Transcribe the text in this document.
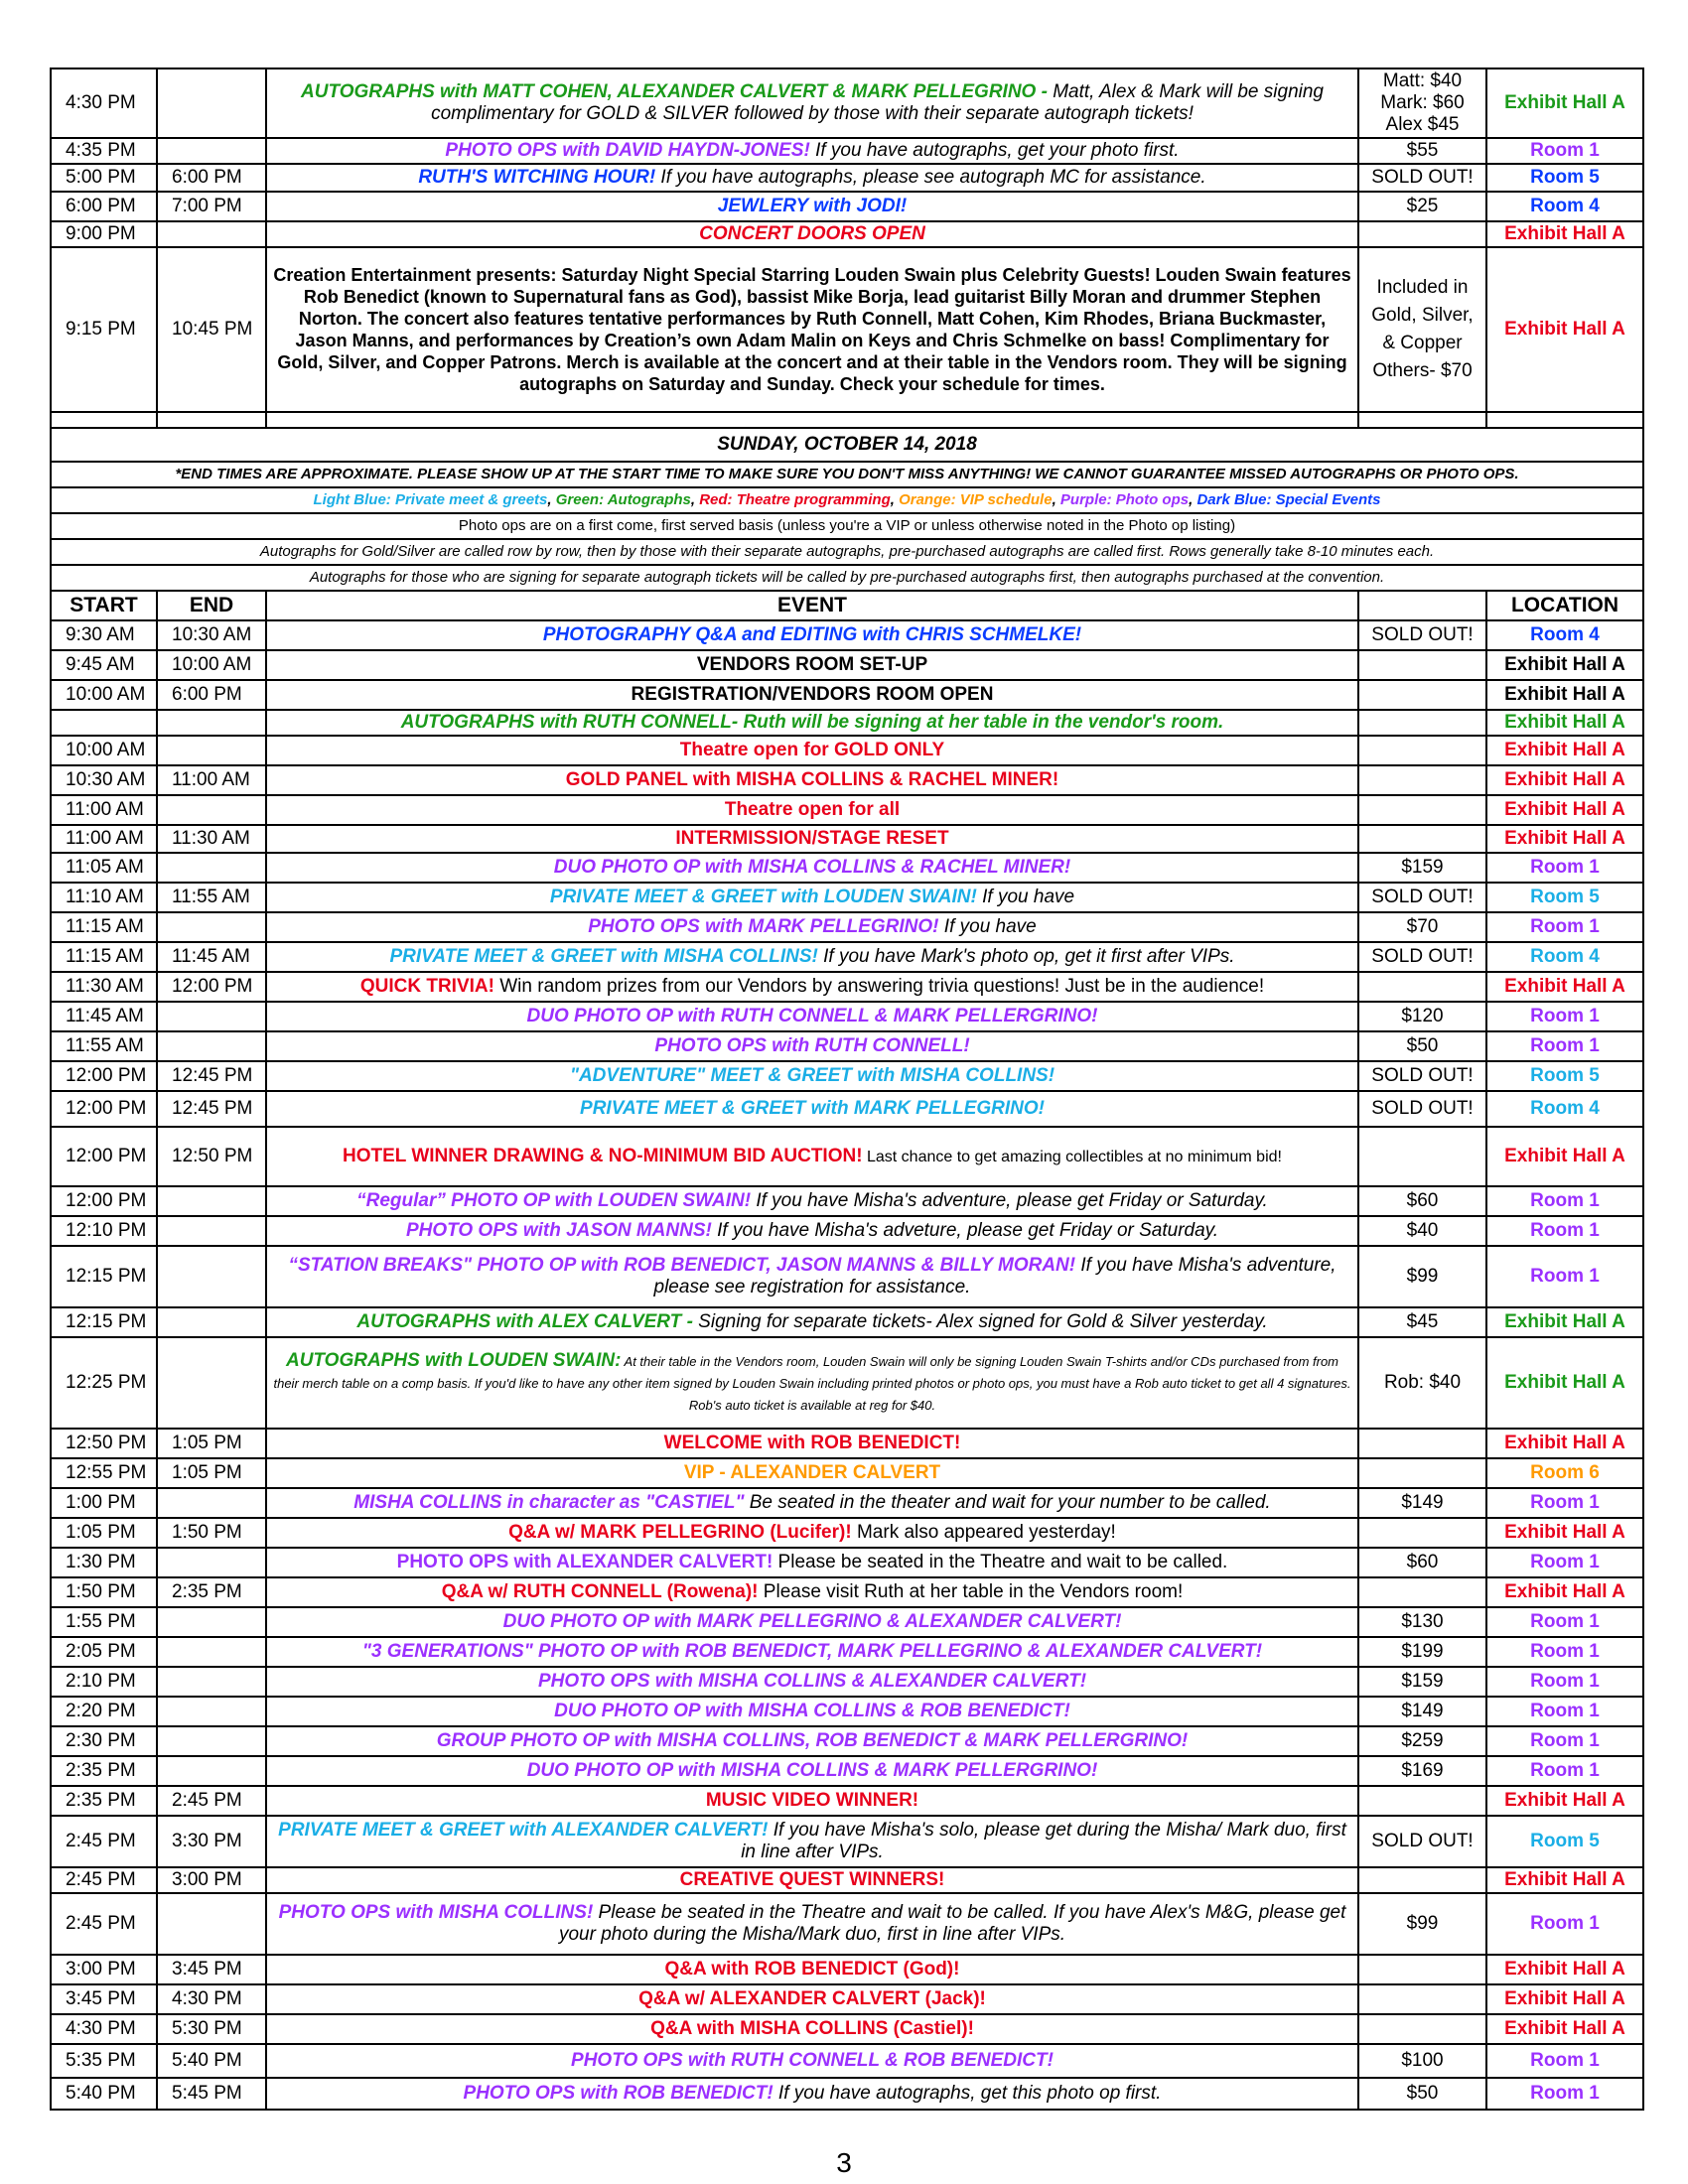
4:30 PM		AUTOGRAPHS with MATT COHEN, ALEXANDER CALVERT & MARK PELLEGRINO - Matt, Alex & Mark will be signing complimentary for GOLD & SILVER followed by those with their separate autograph tickets!	Matt: $40
Mark: $60
Alex $45	Exhibit Hall A
4:35 PM		PHOTO OPS with DAVID HAYDN-JONES! If you have autographs, get your photo first.	$55	Room 1
5:00 PM	6:00 PM	RUTH'S WITCHING HOUR! If you have autographs, please see autograph MC for assistance.	SOLD OUT!	Room 5
6:00 PM	7:00 PM	JEWLERY with JODI!	$25	Room 4
9:00 PM		CONCERT DOORS OPEN		Exhibit Hall A
9:15 PM	10:45 PM	Creation Entertainment presents: Saturday Night Special Starring Louden Swain plus Celebrity Guests! Louden Swain features Rob Benedict (known to Supernatural fans as God), bassist Mike Borja, lead guitarist Billy Moran and drummer Stephen Norton. The concert also features tentative performances by Ruth Connell, Matt Cohen, Kim Rhodes, Briana Buckmaster, Jason Manns, and performances by Creation’s own Adam Malin on Keys and Chris Schmelke on bass! Complimentary for Gold, Silver, and Copper Patrons. Merch is available at the concert and at their table in the Vendors room. They will be signing autographs on Saturday and Sunday. Check your schedule for times.	Included in Gold, Silver, & Copper Others- $70	Exhibit Hall A

SUNDAY, OCTOBER 14, 2018				
*END TIMES ARE APPROXIMATE. PLEASE SHOW UP AT THE START TIME TO MAKE SURE YOU DON'T MISS ANYTHING! WE CANNOT GUARANTEE MISSED AUTOGRAPHS OR PHOTO OPS.				
Light Blue: Private meet & greets, Green: Autographs, Red: Theatre programming, Orange: VIP schedule, Purple: Photo ops, Dark Blue: Special Events				
Photo ops are on a first come, first served basis (unless you're a VIP or unless otherwise noted in the Photo op listing)				
Autographs for Gold/Silver are called row by row, then by those with their separate autographs, pre-purchased autographs are called first. Rows generally take 8-10 minutes each.				
Autographs for those who are signing for separate autograph tickets will be called by pre-purchased autographs first, then autographs purchased at the convention.				
START	END	EVENT		LOCATION
9:30 AM	10:30 AM	PHOTOGRAPHY Q&A and EDITING with CHRIS SCHMELKE!	SOLD OUT!	Room 4
9:45 AM	10:00 AM	VENDORS ROOM SET-UP		Exhibit Hall A
10:00 AM	6:00 PM	REGISTRATION/VENDORS ROOM OPEN		Exhibit Hall A
		AUTOGRAPHS with RUTH CONNELL- Ruth will be signing at her table in the vendor's room.		Exhibit Hall A
10:00 AM		Theatre open for GOLD ONLY		Exhibit Hall A
10:30 AM	11:00 AM	GOLD PANEL with MISHA COLLINS & RACHEL MINER!		Exhibit Hall A
11:00 AM		Theatre open for all		Exhibit Hall A
11:00 AM	11:30 AM	INTERMISSION/STAGE RESET		Exhibit Hall A
11:05 AM		DUO PHOTO OP with MISHA COLLINS & RACHEL MINER!	$159	Room 1
11:10 AM	11:55 AM	PRIVATE MEET & GREET with LOUDEN SWAIN! If you have	SOLD OUT!	Room 5
11:15 AM		PHOTO OPS with MARK PELLEGRINO! If you have	$70	Room 1
11:15 AM	11:45 AM	PRIVATE MEET & GREET with MISHA COLLINS! If you have Mark's photo op, get it first after VIPs.	SOLD OUT!	Room 4
11:30 AM	12:00 PM	QUICK TRIVIA! Win random prizes from our Vendors by answering trivia questions! Just be in the audience!		Exhibit Hall A
11:45 AM		DUO PHOTO OP with RUTH CONNELL & MARK PELLERGRINO!	$120	Room 1
11:55 AM		PHOTO OPS with RUTH CONNELL!	$50	Room 1
12:00 PM	12:45 PM	"ADVENTURE" MEET & GREET with MISHA COLLINS!	SOLD OUT!	Room 5
12:00 PM	12:45 PM	PRIVATE MEET & GREET with MARK PELLEGRINO!	SOLD OUT!	Room 4
12:00 PM	12:50 PM	HOTEL WINNER DRAWING & NO-MINIMUM BID AUCTION! Last chance to get amazing collectibles at no minimum bid!		Exhibit Hall A
12:00 PM		“Regular” PHOTO OP with LOUDEN SWAIN! If you have Misha's adventure, please get Friday or Saturday.	$60	Room 1
12:10 PM		PHOTO OPS with JASON MANNS! If you have Misha's adveture, please get Friday or Saturday.	$40	Room 1
12:15 PM		“STATION BREAKS" PHOTO OP with ROB BENEDICT, JASON MANNS & BILLY MORAN! If you have Misha's adventure, please see registration for assistance.	$99	Room 1
12:15 PM		AUTOGRAPHS with ALEX CALVERT - Signing for separate tickets- Alex signed for Gold & Silver yesterday.	$45	Exhibit Hall A
12:25 PM		AUTOGRAPHS with LOUDEN SWAIN: At their table in the Vendors room, Louden Swain will only be signing Louden Swain T-shirts and/or CDs purchased from from their merch table on a comp basis. If you'd like to have any other item signed by Louden Swain including printed photos or photo ops, you must have a Rob auto ticket to get all 4 signatures. Rob's auto ticket is available at reg for $40.	Rob: $40	Exhibit Hall A
12:50 PM	1:05 PM	WELCOME with ROB BENEDICT!		Exhibit Hall A
12:55 PM	1:05 PM	VIP - ALEXANDER CALVERT		Room 6
1:00 PM		MISHA COLLINS in character as "CASTIEL" Be seated in the theater and wait for your number to be called.	$149	Room 1
1:05 PM	1:50 PM	Q&A w/ MARK PELLEGRINO (Lucifer)! Mark also appeared yesterday!		Exhibit Hall A
1:30 PM		PHOTO OPS with ALEXANDER CALVERT! Please be seated in the Theatre and wait to be called.	$60	Room 1
1:50 PM	2:35 PM	Q&A w/ RUTH CONNELL (Rowena)! Please visit Ruth at her table in the Vendors room!		Exhibit Hall A
1:55 PM		DUO PHOTO OP with MARK PELLEGRINO & ALEXANDER CALVERT!	$130	Room 1
2:05 PM		"3 GENERATIONS" PHOTO OP with ROB BENEDICT, MARK PELLEGRINO & ALEXANDER CALVERT!	$199	Room 1
2:10 PM		PHOTO OPS with MISHA COLLINS & ALEXANDER CALVERT!	$159	Room 1
2:20 PM		DUO PHOTO OP with MISHA COLLINS & ROB BENEDICT!	$149	Room 1
2:30 PM		GROUP PHOTO OP with MISHA COLLINS, ROB BENEDICT & MARK PELLERGRINO!	$259	Room 1
2:35 PM		DUO PHOTO OP with MISHA COLLINS & MARK PELLERGRINO!	$169	Room 1
2:35 PM	2:45 PM	MUSIC VIDEO WINNER!		Exhibit Hall A
2:45 PM	3:30 PM	PRIVATE MEET & GREET with ALEXANDER CALVERT! If you have Misha's solo, please get during the Misha/ Mark duo, first in line after VIPs.	SOLD OUT!	Room 5
2:45 PM	3:00 PM	CREATIVE QUEST WINNERS!		Exhibit Hall A
2:45 PM		PHOTO OPS with MISHA COLLINS! Please be seated in the Theatre and wait to be called. If you have Alex's M&G, please get your photo during the Misha/Mark duo, first in line after VIPs.	$99	Room 1
3:00 PM	3:45 PM	Q&A with ROB BENEDICT (God)!		Exhibit Hall A
3:45 PM	4:30 PM	Q&A w/ ALEXANDER CALVERT (Jack)!		Exhibit Hall A
4:30 PM	5:30 PM	Q&A with MISHA COLLINS (Castiel)!		Exhibit Hall A
5:35 PM	5:40 PM	PHOTO OPS with RUTH CONNELL & ROB BENEDICT!	$100	Room 1
5:40 PM	5:45 PM	PHOTO OPS with ROB BENEDICT! If you have autographs, get this photo op first.	$50	Room 1
3
